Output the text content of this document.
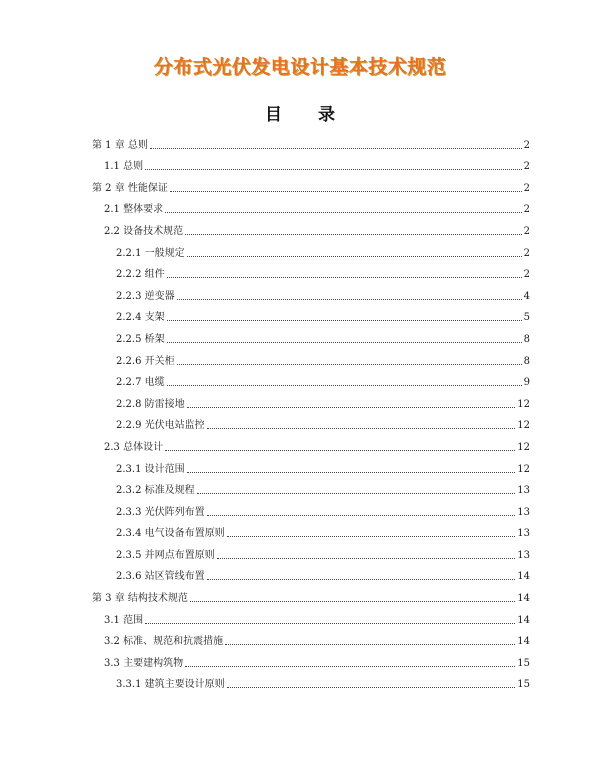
分布式光伏发电设计基本技术规范
目 录
第 1 章 总则	2
1.1 总则	2
第 2 章 性能保证	2
2.1 整体要求	2
2.2 设备技术规范	2
2.2.1 一般规定	2
2.2.2 组件	2
2.2.3 逆变器	4
2.2.4 支架	5
2.2.5 桥架	8
2.2.6 开关柜	8
2.2.7 电缆	9
2.2.8 防雷接地	12
2.2.9 光伏电站监控	12
2.3 总体设计	12
2.3.1 设计范围	12
2.3.2 标准及规程	13
2.3.3 光伏阵列布置	13
2.3.4 电气设备布置原则	13
2.3.5 并网点布置原则	13
2.3.6 站区管线布置	14
第 3 章 结构技术规范	14
3.1 范围	14
3.2 标准、规范和抗震措施	14
3.3 主要建构筑物	15
3.3.1 建筑主要设计原则	15
